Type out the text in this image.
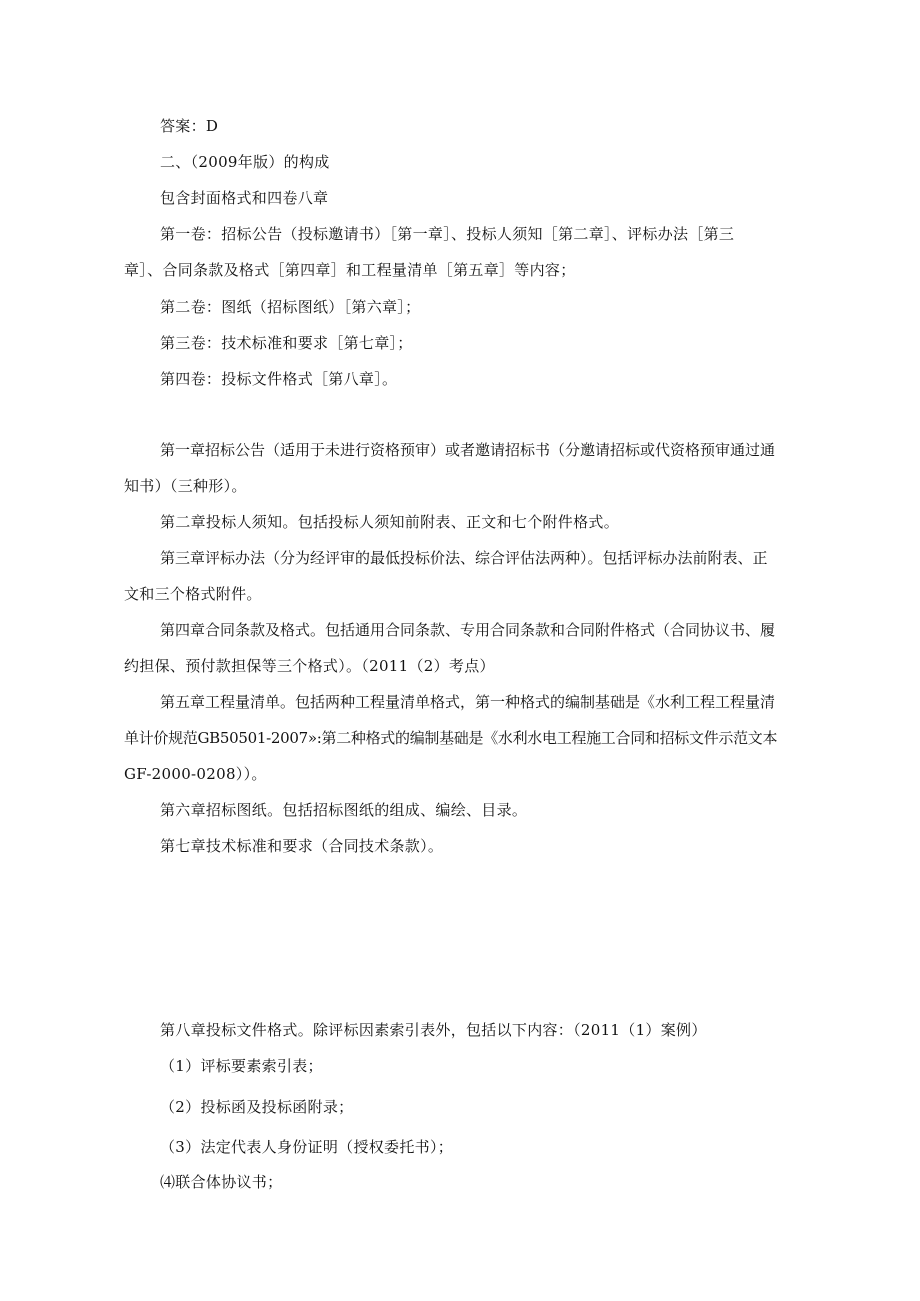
答案：D
二、（2009年版）的构成
包含封面格式和四卷八章
第一卷：招标公告（投标邀请书）［第一章］、投标人须知［第二章］、评标办法［第三
章］、合同条款及格式［第四章］和工程量清单［第五章］等内容；
第二卷：图纸（招标图纸）［第六章］；
第三卷：技术标准和要求［第七章］；
第四卷：投标文件格式［第八章］。
第一章招标公告（适用于未进行资格预审）或者邀请招标书（分邀请招标或代资格预审通过通
知书）（三种形）。
第二章投标人须知。包括投标人须知前附表、正文和七个附件格式。
第三章评标办法（分为经评审的最低投标价法、综合评估法两种）。包括评标办法前附表、正
文和三个格式附件。
第四章合同条款及格式。包括通用合同条款、专用合同条款和合同附件格式（合同协议书、履
约担保、预付款担保等三个格式）。（2011（2）考点）
第五章工程量清单。包括两种工程量清单格式，第一种格式的编制基础是《水利工程工程量清
单计价规范GB50501-2007»:第二种格式的编制基础是《水利水电工程施工合同和招标文件示范文本
GF-2000-0208））。
第六章招标图纸。包括招标图纸的组成、编绘、目录。
第七章技术标准和要求（合同技术条款）。
第八章投标文件格式。除评标因素索引表外，包括以下内容：（2011（1）案例）
（1）评标要素索引表；
（2）投标函及投标函附录；
（3）法定代表人身份证明（授权委托书）；
⑷联合体协议书；
